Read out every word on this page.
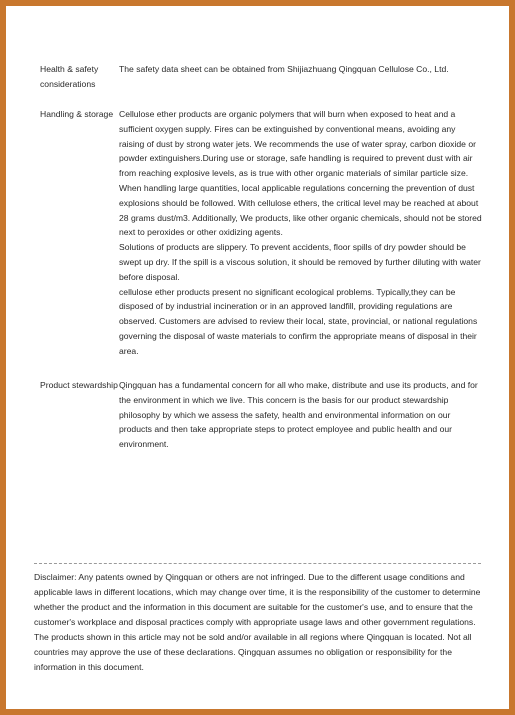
Health & safety considerations

The safety data sheet can be obtained from Shijiazhuang Qingquan Cellulose Co., Ltd.

Handling & storage Cellulose ether products are organic polymers that will burn when exposed to heat and a sufficient oxygen supply. Fires can be extinguished by conventional means, avoiding any raising of dust by strong water jets. We recommends the use of water spray, carbon dioxide or powder extinguishers.During use or storage, safe handling is required to prevent dust with air from reaching explosive levels, as is true with other organic materials of similar particle size. When handling large quantities, local applicable regulations concerning the prevention of dust explosions should be followed. With cellulose ethers, the critical level may be reached at about 28 grams dust/m3. Additionally, We products, like other organic chemicals, should not be stored next to peroxides or other oxidizing agents.

Solutions of products are slippery. To prevent accidents, floor spills of dry powder should be swept up dry. If the spill is a viscous solution, it should be removed by further diluting with water before disposal.

cellulose ether products present no significant ecological problems. Typically,they can be disposed of by industrial incineration or in an approved landfill, providing regulations are observed. Customers are advised to review their local, state, provincial, or national regulations governing the disposal of waste materials to confirm the appropriate means of disposal in their area.

Product stewardship Qingquan has a fundamental concern for all who make, distribute and use its products, and for the environment in which we live. This concern is the basis for our product stewardship philosophy by which we assess the safety, health and environmental information on our products and then take appropriate steps to protect employee and public health and our environment.

Disclaimer: Any patents owned by Qingquan or others are not infringed. Due to the different usage conditions and applicable laws in different locations, which may change over time, it is the responsibility of the customer to determine whether the product and the information in this document are suitable for the customer's use, and to ensure that the customer's workplace and disposal practices comply with appropriate usage laws and other government regulations. The products shown in this article may not be sold and/or available in all regions where Qingquan is located. Not all countries may approve the use of these declarations. Qingquan assumes no obligation or responsibility for the information in this document.
